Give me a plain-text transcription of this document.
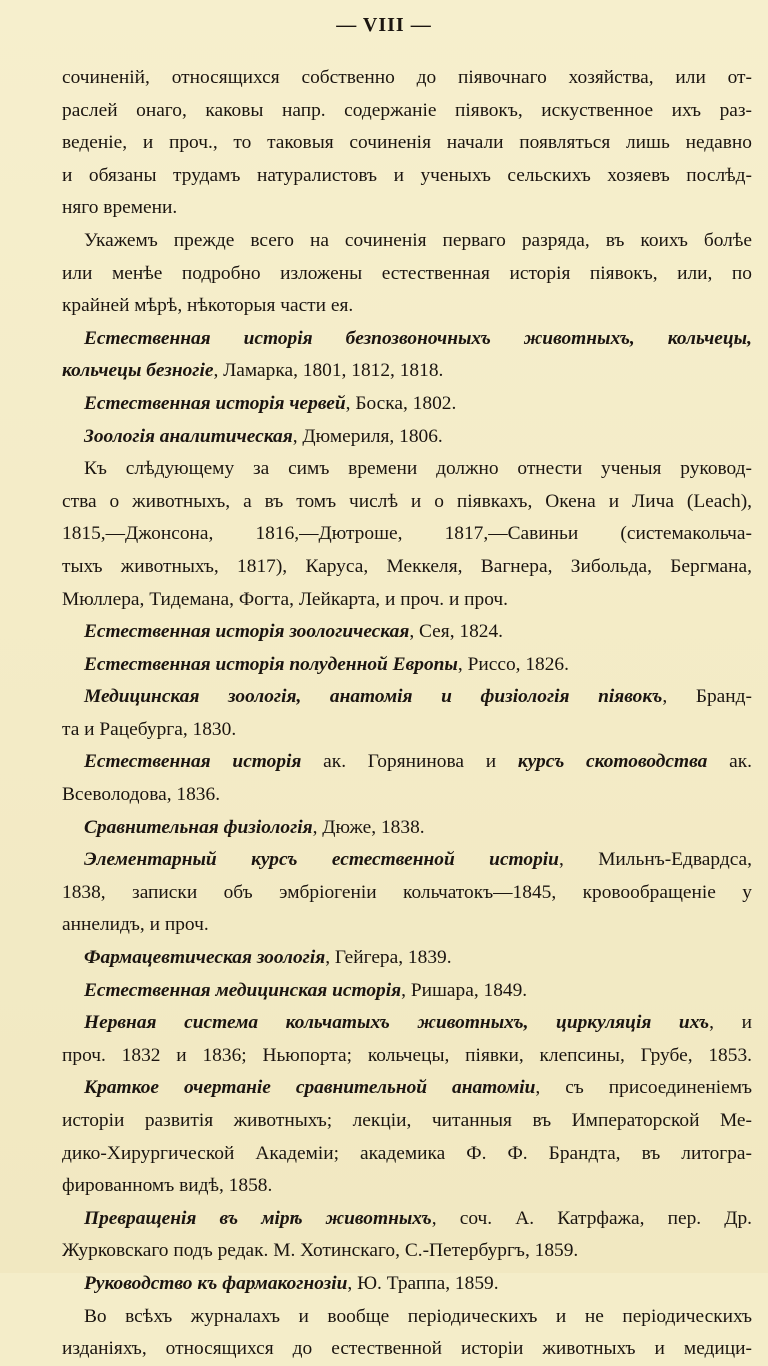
— VIII —

сочиненій, относящихся собственно до піявочнаго хозяйства, или от-

раслей онаго, каковы напр. содержаніе піявокъ, искуственное ихъ раз-

веденіе, и проч., то таковыя сочиненія начали появляться лишь недавно

и обязаны трудамъ натуралистовъ и ученыхъ сельскихъ хозяевъ послѣд-

няго времени.

Укажемъ прежде всего на сочиненія перваго разряда, въ коихъ болѣе

или менѣе подробно изложены естественная исторія піявокъ, или, по

крайней мѣрѣ, нѣкоторыя части ея.

Естественная исторія безпозвоночныхъ животныхъ, кольчецы,

кольчецы безногіе, Ламарка, 1801, 1812, 1818.

Естественная исторія червей, Боска, 1802.

Зоологія аналитическая, Дюмериля, 1806.

Къ слѣдующему за симъ времени должно отнести ученыя руковод-

ства о животныхъ, а въ томъ числѣ и о піявкахъ, Окена и Лича (Leach),

1815,—Джонсона, 1816,—Дютроше, 1817,—Савиньи (системакольча-

тыхъ животныхъ, 1817), Каруса, Меккеля, Вагнера, Зибольда, Бергмана,

Мюллера, Тидемана, Фогта, Лейкарта, и проч. и проч.

Естественная исторія зоологическая, Сея, 1824.

Естественная исторія полуденной Европы, Риссо, 1826.

Медицинская зоологія, анатомія и физіологія піявокъ, Бранд-

та и Рацебурга, 1830.

Естественная исторія ак. Горянинова и курсъ скотоводства ак.

Всеволодова, 1836.

Сравнительная физіологія, Дюже, 1838.

Элементарный курсъ естественной исторіи, Мильнъ-Едвардса,

1838, записки объ эмбріогеніи кольчатокъ—1845, кровообращеніе у

аннелидъ, и проч.

Фармацевтическая зоологія, Гейгера, 1839.

Естественная медицинская исторія, Ришара, 1849.

Нервная система кольчатыхъ животныхъ, циркуляція ихъ, и

проч. 1832 и 1836; Ньюпорта; кольчецы, піявки, клепсины, Грубе, 1853.

Краткое очертаніе сравнительной анатоміи, съ присоединеніемъ

исторіи развитія животныхъ; лекціи, читанныя въ Императорской Ме-

дико-Хирургической Академіи; академика Ф. Ф. Брандта, въ литогра-

фированномъ видѣ, 1858.

Превращенія въ мірѣ животныхъ, соч. А. Катрфажа, пер. Др.

Журковскаго подъ редак. М. Хотинскаго, С.-Петербургъ, 1859.

Руководство къ фармакогнозіи, Ю. Траппа, 1859.

Во всѣхъ журналахъ и вообще періодическихъ и не періодическихъ

изданіяхъ, относящихся до естественной исторіи животныхъ и медици-
